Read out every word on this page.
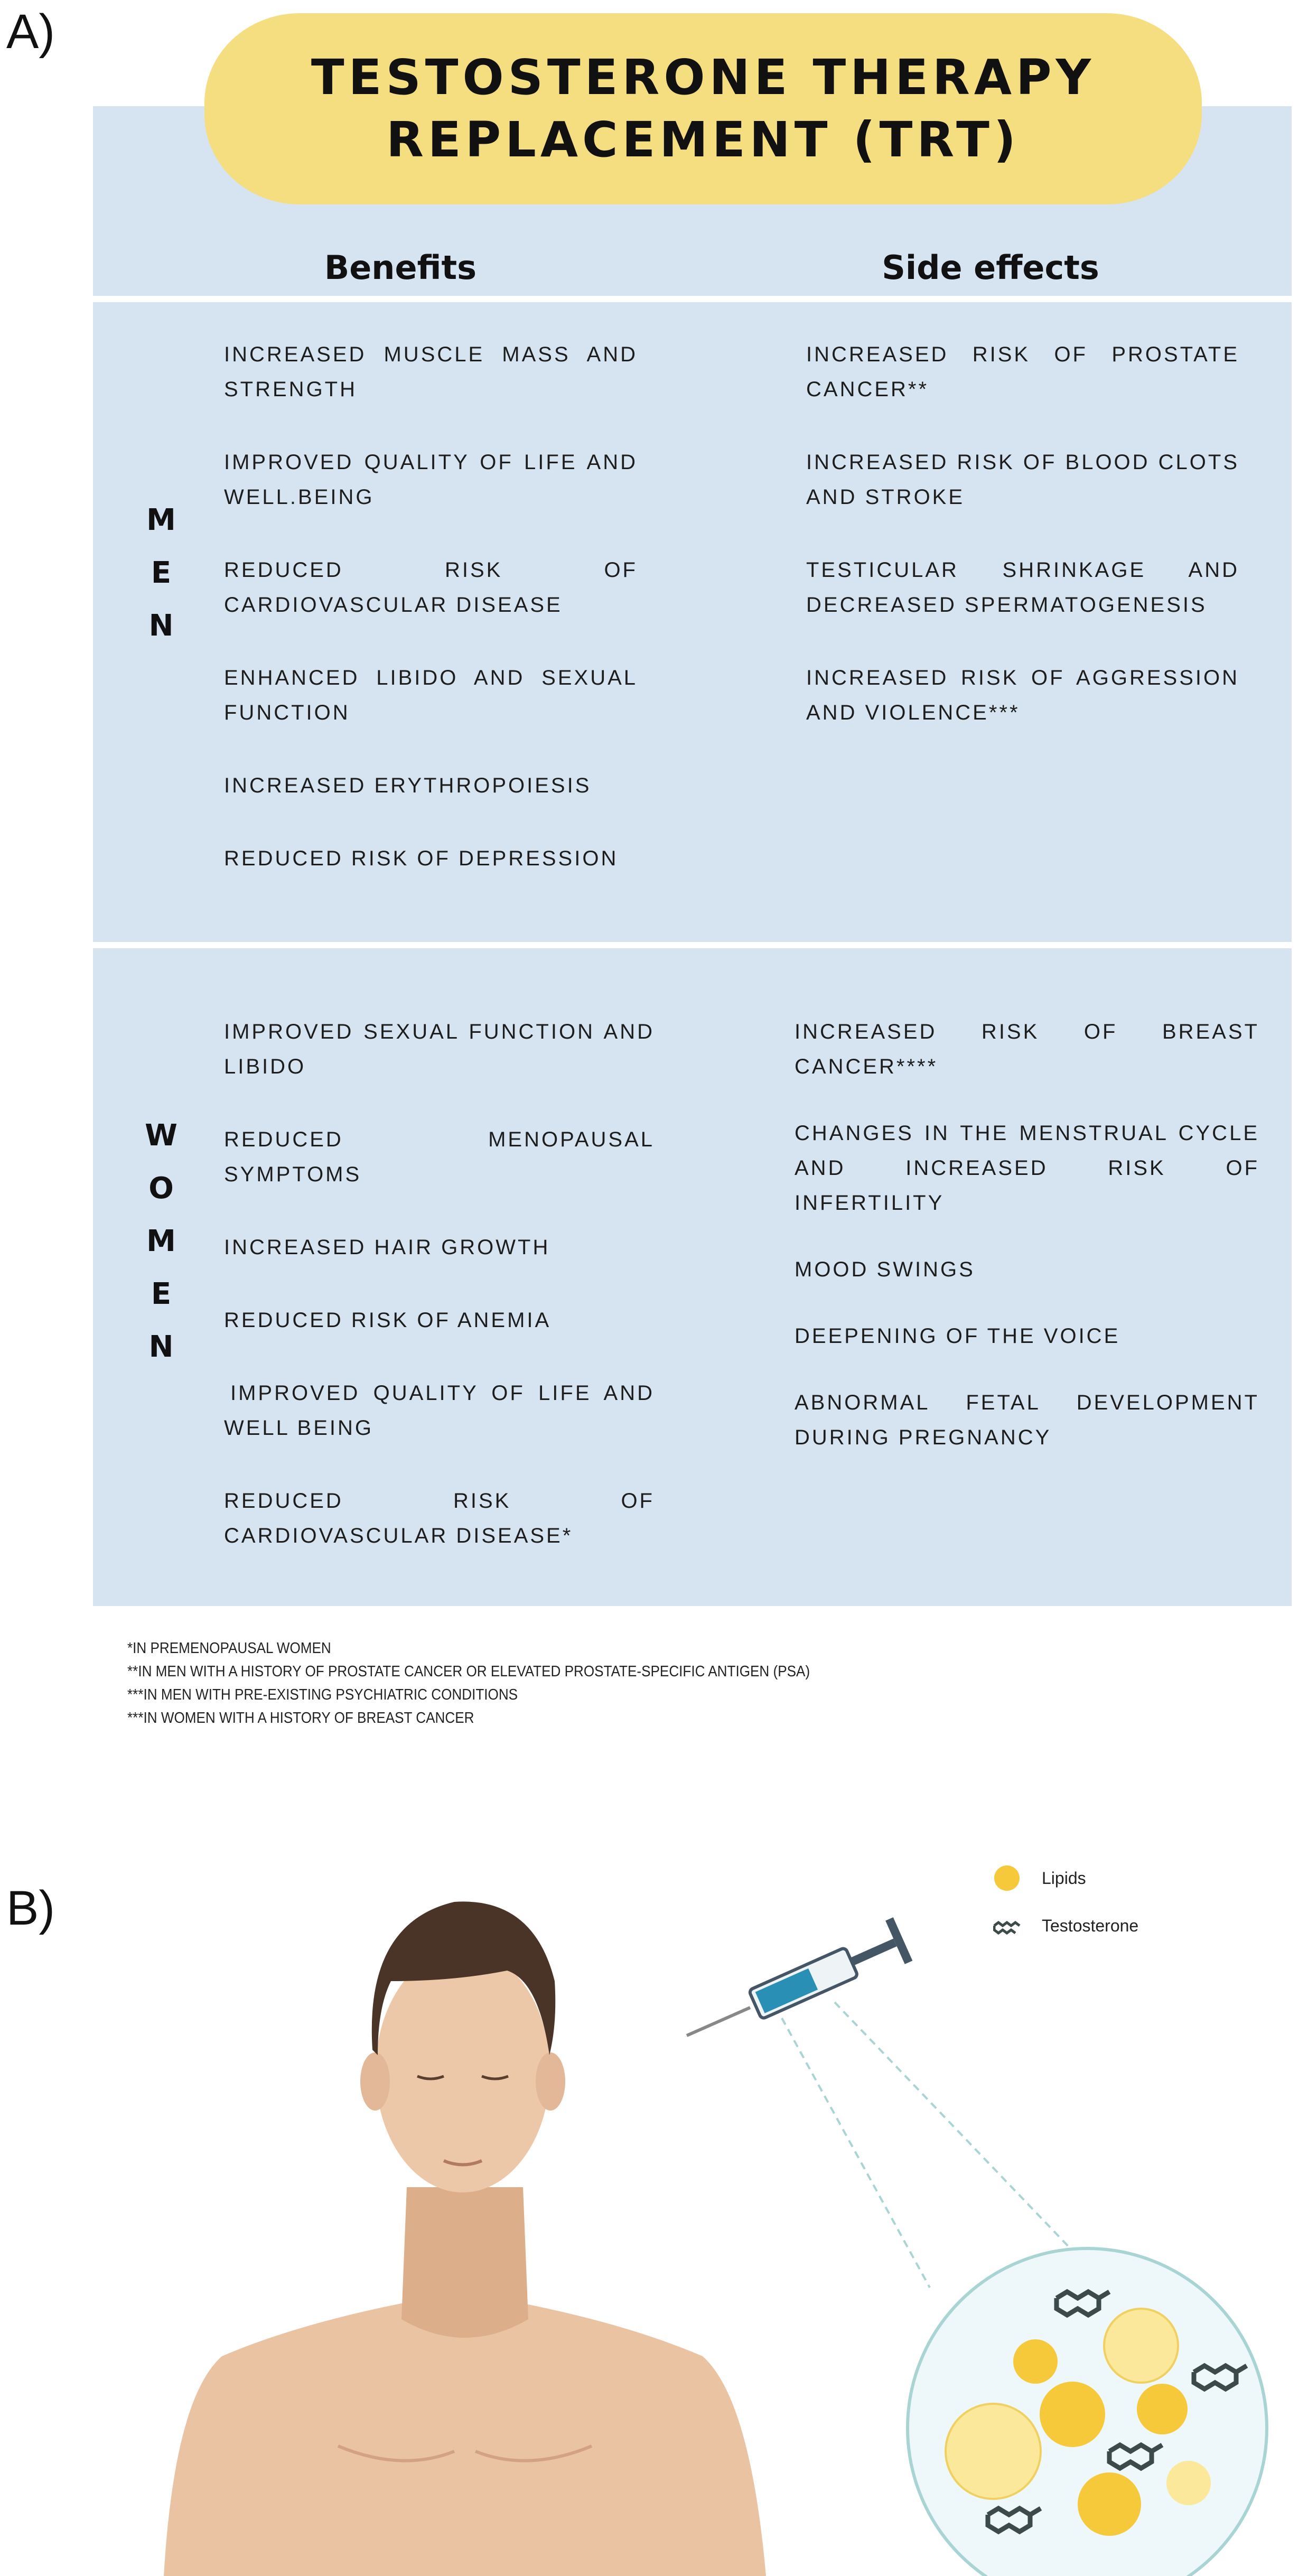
A)
TESTOSTERONE THERAPY
REPLACEMENT (TRT)
Benefits	Side effects
M
E
N
INCREASED MUSCLE MASS AND STRENGTH
IMPROVED QUALITY OF LIFE AND WELL.BEING
REDUCED RISK OF CARDIOVASCULAR DISEASE
ENHANCED LIBIDO AND SEXUAL FUNCTION
INCREASED ERYTHROPOIESIS
REDUCED RISK OF DEPRESSION
INCREASED RISK OF PROSTATE CANCER**
INCREASED RISK OF BLOOD CLOTS AND STROKE
TESTICULAR SHRINKAGE AND DECREASED SPERMATOGENESIS
INCREASED RISK OF AGGRESSION AND VIOLENCE***
W
O
M
E
N
IMPROVED SEXUAL FUNCTION AND LIBIDO
REDUCED MENOPAUSAL SYMPTOMS
INCREASED HAIR GROWTH
REDUCED RISK OF ANEMIA
IMPROVED QUALITY OF LIFE AND WELL BEING
REDUCED RISK OF CARDIOVASCULAR DISEASE*
INCREASED RISK OF BREAST CANCER****
CHANGES IN THE MENSTRUAL CYCLE AND INCREASED RISK OF INFERTILITY
MOOD SWINGS
DEEPENING OF THE VOICE
ABNORMAL FETAL DEVELOPMENT DURING PREGNANCY
*IN PREMENOPAUSAL WOMEN
**IN MEN WITH A HISTORY OF PROSTATE CANCER OR ELEVATED PROSTATE-SPECIFIC ANTIGEN (PSA)
***IN MEN WITH PRE-EXISTING PSYCHIATRIC CONDITIONS
***IN WOMEN WITH A HISTORY OF BREAST CANCER
B)
Lipids
Testosterone
